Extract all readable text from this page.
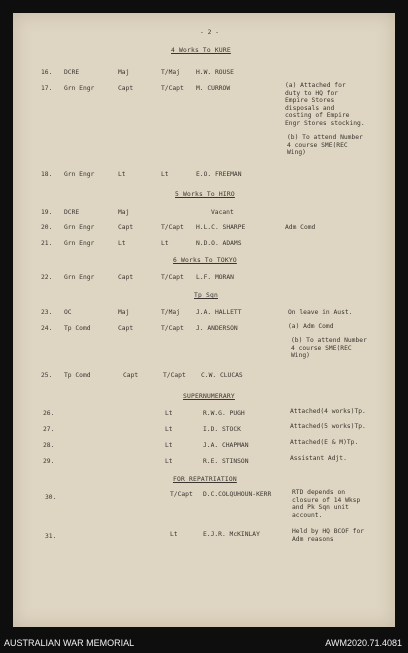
- 2 -
4 Works To KURE
16. DCRE	Maj	T/Maj	H.W. ROUSE
17. Grn Engr	Capt	T/Capt M. CURROW	(a) Attached for
duty to HQ for
Empire Stores
disposals and
costing of Empire
Engr Stores stocking.
(b) To attend Number
4 course SME(REC
Wing)
18. Grn Engr	Lt	Lt	E.O. FREEMAN
5 Works To HIRO
19. DCRE	Maj	Vacant
20. Grn Engr	Capt	T/Capt H.L.C. SHARPE	Adm Comd
21. Grn Engr	Lt	Lt	N.D.O. ADAMS
6 Works To TOKYO
22. Grn Engr	Capt	T/Capt L.F. MORAN
Tp Sqn
23. OC	Maj	T/Maj	J.A. HALLETT	On leave in Aust.
24. Tp Comd	Capt	T/Capt J. ANDERSON	(a) Adm Comd
(b) To attend Number
4 course SME(REC
Wing)
25. Tp Comd	Capt	T/Capt C.W. CLUCAS
SUPERNUMERARY
26.	Lt	R.W.G. PUGH	Attached(4 works)Tp.
27.	Lt	I.D. STOCK	Attached(5 works)Tp.
28.	Lt	J.A. CHAPMAN	Attached(E & M)Tp.
29.	Lt	R.E. STINSON	Assistant Adjt.
FOR REPATRIATION
30.	T/Capt D.C.COLQUHOUN-KERR	RTD depends on
closure of 14 Wksp
and Pk Sqn unit
account.
31.	Lt	E.J.R. McKINLAY	Held by HQ BCOF for
Adm reasons
AUSTRALIAN WAR MEMORIAL	AWM2020.71.4081
